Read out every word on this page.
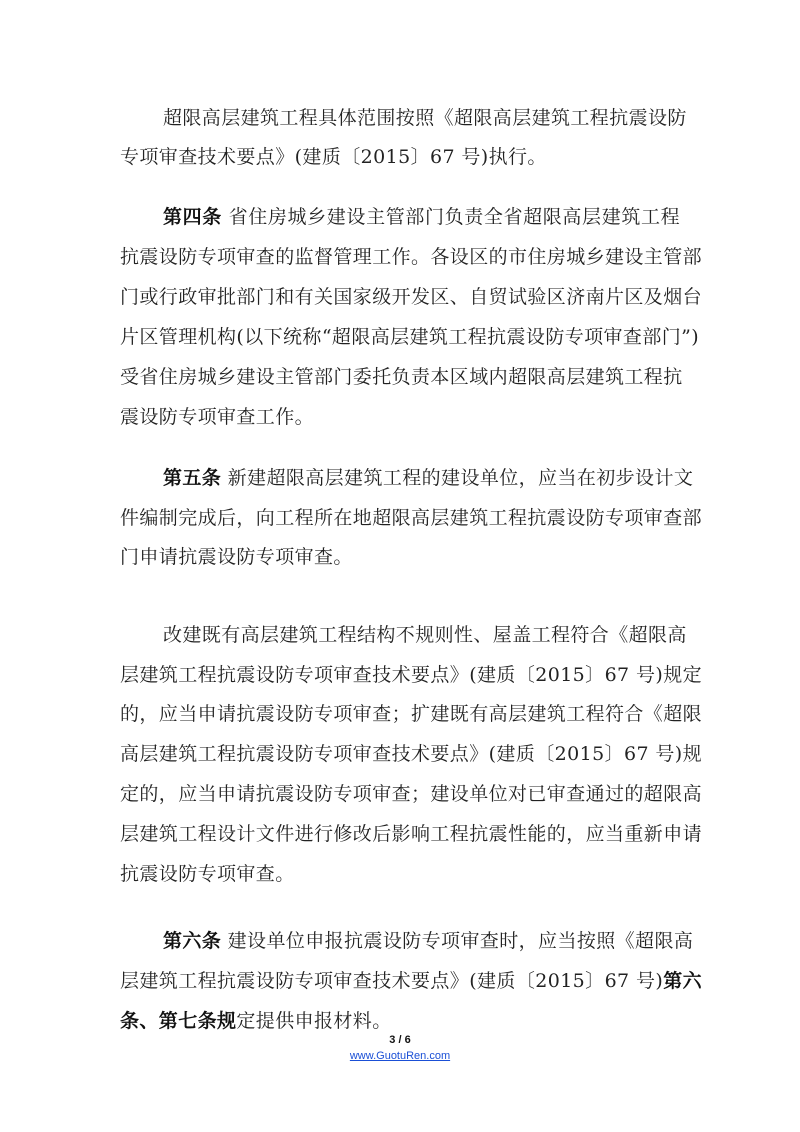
超限高层建筑工程具体范围按照《超限高层建筑工程抗震设防
专项审查技术要点》(建质〔2015〕67 号)执行。
第四条 省住房城乡建设主管部门负责全省超限高层建筑工程
抗震设防专项审查的监督管理工作。各设区的市住房城乡建设主管部
门或行政审批部门和有关国家级开发区、自贸试验区济南片区及烟台
片区管理机构(以下统称“超限高层建筑工程抗震设防专项审查部门”)
受省住房城乡建设主管部门委托负责本区域内超限高层建筑工程抗
震设防专项审查工作。
第五条 新建超限高层建筑工程的建设单位，应当在初步设计文
件编制完成后，向工程所在地超限高层建筑工程抗震设防专项审查部
门申请抗震设防专项审查。
改建既有高层建筑工程结构不规则性、屋盖工程符合《超限高
层建筑工程抗震设防专项审查技术要点》(建质〔2015〕67 号)规定
的，应当申请抗震设防专项审查；扩建既有高层建筑工程符合《超限
高层建筑工程抗震设防专项审查技术要点》(建质〔2015〕67 号)规
定的，应当申请抗震设防专项审查；建设单位对已审查通过的超限高
层建筑工程设计文件进行修改后影响工程抗震性能的，应当重新申请
抗震设防专项审查。
第六条 建设单位申报抗震设防专项审查时，应当按照《超限高
层建筑工程抗震设防专项审查技术要点》(建质〔2015〕67 号)第六
条、第七条规定提供申报材料。
3 / 6
www.GuotuRen.com
